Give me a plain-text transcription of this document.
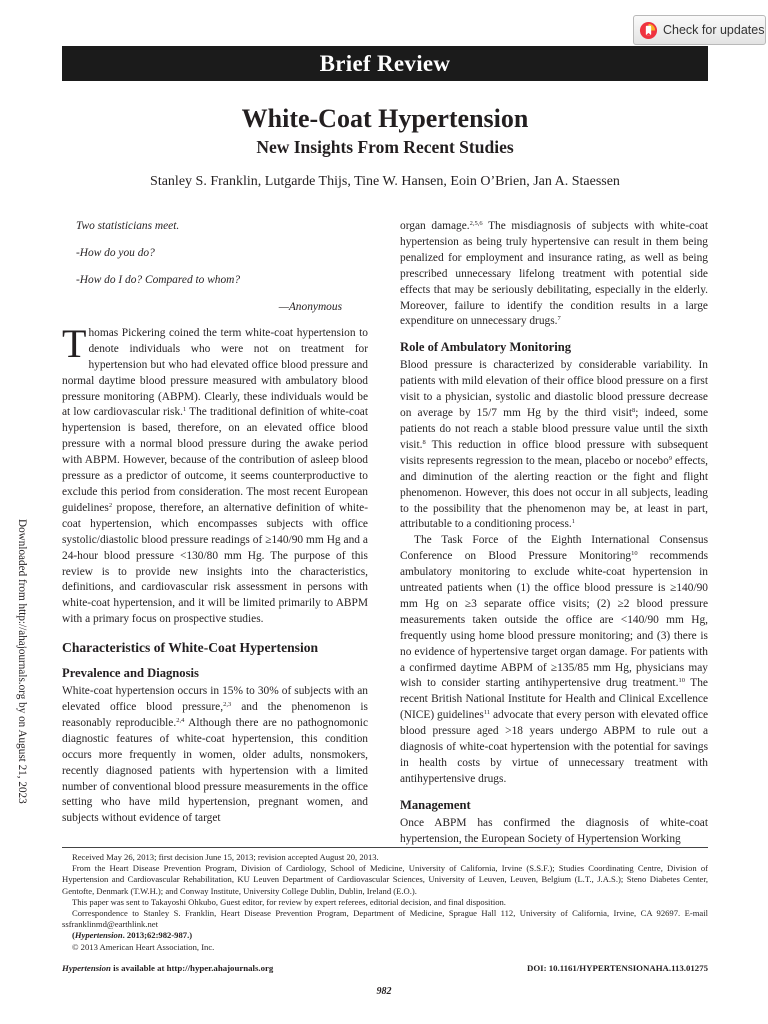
Check for updates
Brief Review
White-Coat Hypertension
New Insights From Recent Studies
Stanley S. Franklin, Lutgarde Thijs, Tine W. Hansen, Eoin O’Brien, Jan A. Staessen

Two statisticians meet.

-How do you do?

-How do I do? Compared to whom?

—Anonymous

Thomas Pickering coined the term white-coat hypertension to denote individuals who were not on treatment for hypertension but who had elevated office blood pressure and normal daytime blood pressure measured with ambulatory blood pressure monitoring (ABPM). Clearly, these individuals would be at low cardiovascular risk.$^1$ The traditional definition of white-coat hypertension is based, therefore, on an elevated office blood pressure with a normal blood pressure during the awake period with ABPM. However, because of the contribution of asleep blood pressure as a predictor of outcome, it seems counterproductive to exclude this period from consideration. The most recent European guidelines$^2$ propose, therefore, an alternative definition of white-coat hypertension, which encompasses subjects with office systolic/diastolic blood pressure readings of ≥140/90 mm Hg and a 24-hour blood pressure <130/80 mm Hg. The purpose of this review is to provide new insights into the characteristics, definitions, and cardiovascular risk assessment in persons with white-coat hypertension, and it will be limited primarily to ABPM with a primary focus on prospective studies.

Characteristics of White-Coat Hypertension
Prevalence and Diagnosis

White-coat hypertension occurs in 15% to 30% of subjects with an elevated office blood pressure,$^{2,3}$ and the phenomenon is reasonably reproducible.$^{2,4}$ Although there are no pathognomonic diagnostic features of white-coat hypertension, this condition occurs more frequently in women, older adults, nonsmokers, recently diagnosed patients with hypertension with a limited number of conventional blood pressure measurements in the office setting who have mild hypertension, pregnant women, and subjects without evidence of target

organ damage.$^{2,5,6}$ The misdiagnosis of subjects with white-coat hypertension as being truly hypertensive can result in them being penalized for employment and insurance rating, as well as being prescribed unnecessary lifelong treatment with potential side effects that may be seriously debilitating, especially in the elderly. Moreover, failure to identify the condition results in a large expenditure on unnecessary drugs.$^7$

Role of Ambulatory Monitoring

Blood pressure is characterized by considerable variability. In patients with mild elevation of their office blood pressure on a first visit to a physician, systolic and diastolic blood pressure decrease on average by 15/7 mm Hg by the third visit$^8$; indeed, some patients do not reach a stable blood pressure value until the sixth visit.$^8$ This reduction in office blood pressure with subsequent visits represents regression to the mean, placebo or nocebo$^9$ effects, and diminution of the alerting reaction or the fight and flight phenomenon. However, this does not occur in all subjects, leading to the possibility that the phenomenon may be, at least in part, attributable to a conditioning process.$^1$

The Task Force of the Eighth International Consensus Conference on Blood Pressure Monitoring$^{10}$ recommends ambulatory monitoring to exclude white-coat hypertension in untreated patients when (1) the office blood pressure is ≥140/90 mm Hg on ≥3 separate office visits; (2) ≥2 blood pressure measurements taken outside the office are <140/90 mm Hg, frequently using home blood pressure monitoring; and (3) there is no evidence of hypertensive target organ damage. For patients with a confirmed daytime ABPM of ≥135/85 mm Hg, physicians may wish to consider starting antihypertensive drug treatment.$^{10}$ The recent British National Institute for Health and Clinical Excellence (NICE) guidelines$^{11}$ advocate that every person with elevated office blood pressure aged >18 years undergo ABPM to rule out a diagnosis of white-coat hypertension with the potential for savings in health costs by virtue of unnecessary treatment with antihypertensive drugs.

Management

Once ABPM has confirmed the diagnosis of white-coat hypertension, the European Society of Hypertension Working

Downloaded from http://ahajournals.org by on August 21, 2023

Received May 26, 2013; first decision June 15, 2013; revision accepted August 20, 2013.

From the Heart Disease Prevention Program, Division of Cardiology, School of Medicine, University of California, Irvine (S.S.F.); Studies Coordinating Centre, Division of Hypertension and Cardiovascular Rehabilitation, KU Leuven Department of Cardiovascular Sciences, University of Leuven, Leuven, Belgium (L.T., J.A.S.); Steno Diabetes Center, Gentofte, Denmark (T.W.H.); and Conway Institute, University College Dublin, Dublin, Ireland (E.O.).

This paper was sent to Takayoshi Ohkubo, Guest editor, for review by expert referees, editorial decision, and final disposition.

Correspondence to Stanley S. Franklin, Heart Disease Prevention Program, Department of Medicine, Sprague Hall 112, University of California, Irvine, CA 92697. E-mail ssfranklinmd@earthlink.net

(Hypertension. 2013;62:982-987.)

© 2013 American Heart Association, Inc.

Hypertension is available at http://hyper.ahajournals.org	DOI: 10.1161/HYPERTENSIONAHA.113.01275
982
